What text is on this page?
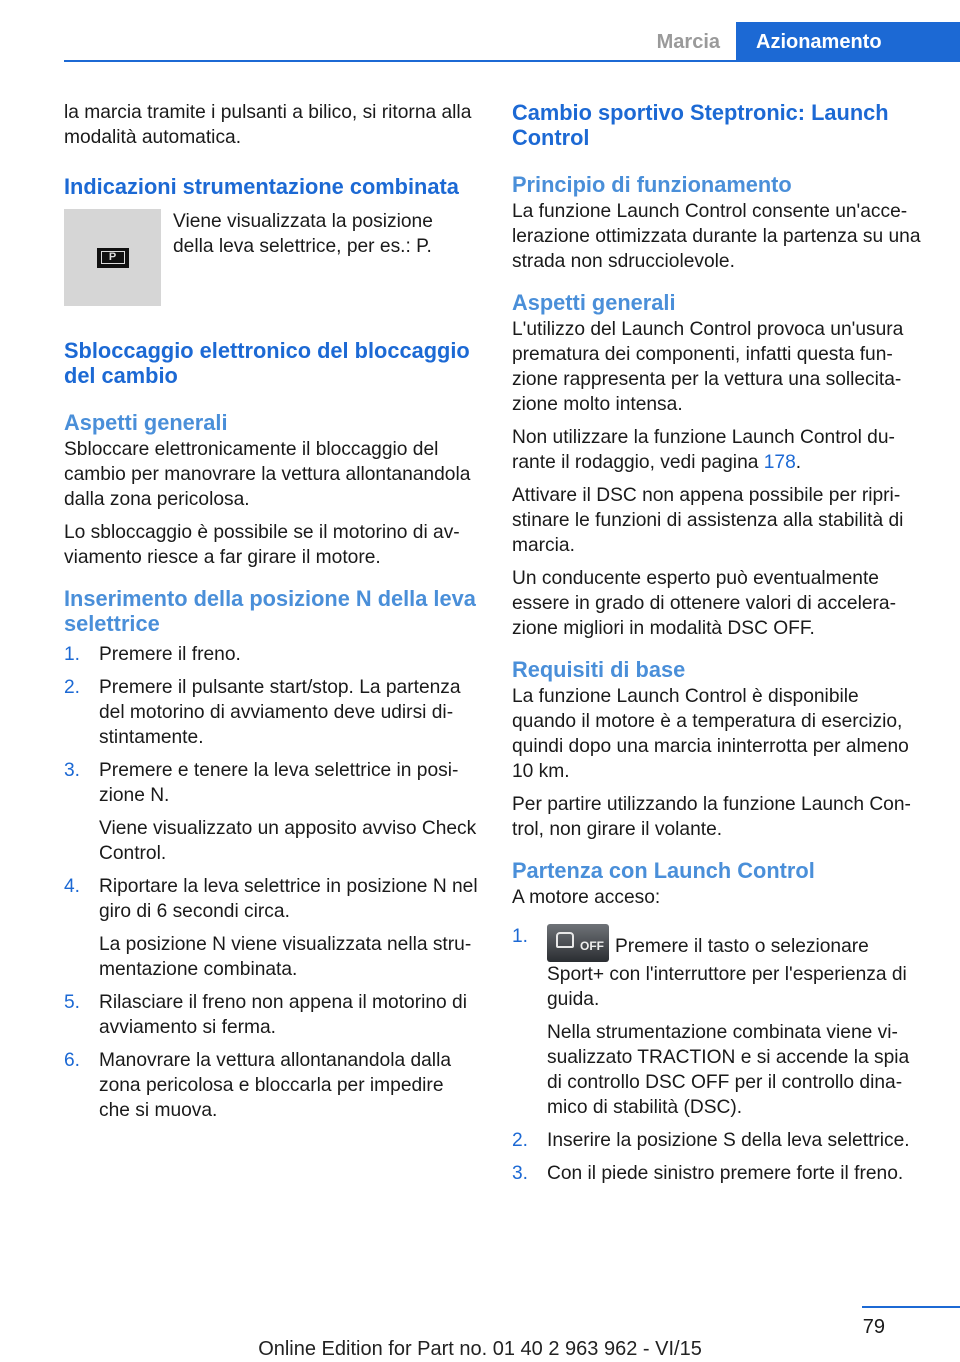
Marcia	Azionamento

la marcia tramite i pulsanti a bilico, si ritorna alla modalità automatica.

Indicazioni strumentazione combinata
P

Viene visualizzata la posizione della leva selettrice, per es.: P.

Sbloccaggio elettronico del bloccaggio del cambio
Aspetti generali

Sbloccare elettronicamente il bloccaggio del cambio per manovrare la vettura allontanandola dalla zona pericolosa.

Lo sbloccaggio è possibile se il motorino di avviamento riesce a far girare il motore.

Inserimento della posizione N della leva selettrice
1. Premere il freno.

2. Premere il pulsante start/stop. La partenza del motorino di avviamento deve udirsi distintamente.

3. Premere e tenere la leva selettrice in posizione N.

Viene visualizzato un apposito avviso Check Control.

4. Riportare la leva selettrice in posizione N nel giro di 6 secondi circa.

La posizione N viene visualizzata nella strumentazione combinata.

5. Rilasciare il freno non appena il motorino di avviamento si ferma.

6. Manovrare la vettura allontanandola dalla zona pericolosa e bloccarla per impedire che si muova.

Cambio sportivo Steptronic: Launch Control
Principio di funzionamento

La funzione Launch Control consente un'accelerazione ottimizzata durante la partenza su una strada non sdrucciolevole.

Aspetti generali

L'utilizzo del Launch Control provoca un'usura prematura dei componenti, infatti questa funzione rappresenta per la vettura una sollecitazione molto intensa.

Non utilizzare la funzione Launch Control durante il rodaggio, vedi pagina 178.

Attivare il DSC non appena possibile per ripristinare le funzioni di assistenza alla stabilità di marcia.

Un conducente esperto può eventualmente essere in grado di ottenere valori di accelerazione migliori in modalità DSC OFF.

Requisiti di base

La funzione Launch Control è disponibile quando il motore è a temperatura di esercizio, quindi dopo una marcia ininterrotta per almeno 10 km.

Per partire utilizzando la funzione Launch Control, non girare il volante.

Partenza con Launch Control

A motore acceso:

1.	OFF Premere il tasto o selezionare Sport+ con l'interruttore per l'esperienza di guida.

Nella strumentazione combinata viene visualizzato TRACTION e si accende la spia di controllo DSC OFF per il controllo dinamico di stabilità (DSC).

2. Inserire la posizione S della leva selettrice.

3. Con il piede sinistro premere forte il freno.

79
Online Edition for Part no. 01 40 2 963 962 - VI/15
